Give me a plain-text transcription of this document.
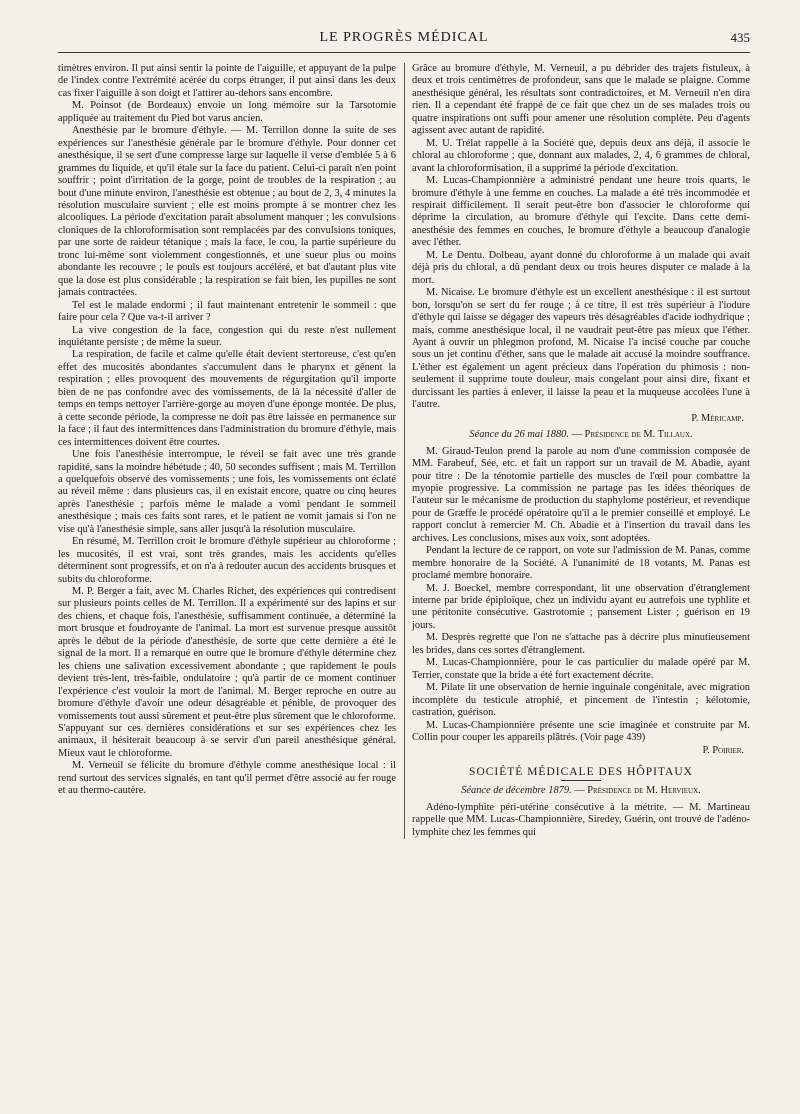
LE PROGRÈS MÉDICAL	435

timètres environ. Il put ainsi sentir la pointe de l'aiguille, et appuyant de la pulpe de l'index contre l'extrémité acérée du corps étranger, il put ainsi dans les deux cas fixer l'aiguille à son doigt et l'attirer au-dehors sans encombre.

M. Poinsot (de Bordeaux) envoie un long mémoire sur la Tarsotomie appliquée au traitement du Pied bot varus ancien.

Anesthésie par le bromure d'éthyle. — M. Terrillon donne la suite de ses expériences sur l'anesthésie générale par le bromure d'éthyle. Pour donner cet anesthésique, il se sert d'une compresse large sur laquelle il verse d'emblée 5 à 6 grammes du liquide, et qu'il étale sur la face du patient. Celui-ci paraît n'en point souffrir ; point d'irritation de la gorge, point de troubles de la respiration ; au bout d'une minute environ, l'anesthésie est obtenue ; au bout de 2, 3, 4 minutes la résolution musculaire survient ; elle est moins prompte à se montrer chez les alcooliques. La période d'excitation paraît absolument manquer ; les convulsions cloniques de la chloroformisation sont remplacées par des convulsions toniques, par une sorte de raideur tétanique ; mais la face, le cou, la partie supérieure du tronc lui-même sont violemment congestionnés, et une sueur plus ou moins abondante les recouvre ; le pouls est toujours accéléré, et bat d'autant plus vite que la dose est plus considérable ; la respiration se fait bien, les pupilles ne sont jamais contractées.

Tel est le malade endormi ; il faut maintenant entretenir le sommeil : que faire pour cela ? Que va-t-il arriver ?

La vive congestion de la face, congestion qui du reste n'est nullement inquiétante persiste ; de même la sueur.

La respiration, de facile et calme qu'elle était devient stertoreuse, c'est qu'en effet des mucosités abondantes s'accumulent dans le pharynx et gênent la respiration ; elles provoquent des mouvements de régurgitation qu'il importe bien de ne pas confondre avec des vomissements, de là la nécessité d'aller de temps en temps nettoyer l'arrière-gorge au moyen d'une éponge montée. De plus, à cette seconde période, la compresse ne doit pas être laissée en permanence sur la face ; il faut des intermittences dans l'administration du bromure d'éthyle, mais ces intermittences doivent être courtes.

Une fois l'anesthésie interrompue, le réveil se fait avec une très grande rapidité, sans la moindre hébétude ; 40, 50 secondes suffisent ; mais M. Terrillon a quelquefois observé des vomissements ; une fois, les vomissements ont éclaté au réveil même : dans plusieurs cas, il en existait encore, quatre ou cinq heures après l'anesthésie ; parfois même le malade a vomi pendant le sommeil anesthésique ; mais ces faits sont rares, et le patient ne vomit jamais si l'on ne vise qu'à l'anesthésie simple, sans aller jusqu'à la résolution musculaire.

En résumé, M. Terrillon croit le bromure d'éthyle supérieur au chloroforme ; les mucosités, il est vrai, sont très grandes, mais les accidents qu'elles déterminent sont progressifs, et on n'a à redouter aucun des accidents brusques et subits du chloroforme.

M. P. Berger a fait, avec M. Charles Richet, des expériences qui contredisent sur plusieurs points celles de M. Terrillon. Il a expérimenté sur des lapins et sur des chiens, et chaque fois, l'anesthésie, suffisamment continuée, a déterminé la mort brusque et foudroyante de l'animal. La mort est survenue presque aussitôt après le début de la période d'anesthésie, de sorte que cette dernière a été le signal de la mort. Il a remarqué en outre que le bromure d'éthyle détermine chez les chiens une salivation excessivement abondante ; que rapidement le pouls devient très-lent, très-faible, ondulatoire ; qu'à partir de ce moment continuer l'expérience c'est vouloir la mort de l'animal. M. Berger reproche en outre au bromure d'éthyle d'avoir une odeur désagréable et pénible, de provoquer des vomissements tout aussi sûrement et peut-être plus sûrement que le chloroforme. S'appuyant sur ces dernières considérations et sur ses expériences chez les animaux, il hésiterait beaucoup à se servir d'un pareil anesthésique général. Mieux vaut le chloroforme.

M. Verneuil se félicite du bromure d'éthyle comme anesthésique local : il rend surtout des services signalés, en tant qu'il permet d'être associé au fer rouge et au thermo-cautère.

Grâce au bromure d'éthyle, M. Verneuil, a pu débrider des trajets fistuleux, à deux et trois centimètres de profondeur, sans que le malade se plaigne. Comme anesthésique général, les résultats sont contradictoires, et M. Verneuil n'en dira rien. Il a cependant été frappé de ce fait que chez un de ses malades trois ou quatre inspirations ont suffi pour amener une résolution complète. Peu d'agents agissent avec autant de rapidité.

M. U. Trélat rappelle à la Société que, depuis deux ans déjà, il associe le chloral au chloroforme ; que, donnant aux malades, 2, 4, 6 grammes de chloral, avant la chloroformisation, il a supprimé la période d'excitation.

M. Lucas-Championnière a administré pendant une heure trois quarts, le bromure d'éthyle à une femme en couches. La malade a été très incommodée et respirait difficilement. Il serait peut-être bon d'associer le chloroforme qui déprime la circulation, au bromure d'éthyle qui l'excite. Dans cette demi-anesthésie des femmes en couches, le bromure d'éthyle a beaucoup d'analogie avec l'éther.

M. Le Dentu. Dolbeau, ayant donné du chloroforme à un malade qui avait déjà pris du chloral, a dû pendant deux ou trois heures disputer ce malade à la mort.

M. Nicaise. Le bromure d'éthyle est un excellent anesthésique : il est surtout bon, lorsqu'on se sert du fer rouge ; à ce titre, il est très supérieur à l'iodure d'éthyle qui laisse se dégager des vapeurs très désagréables d'acide iodhydrique ; mais, comme anesthésique local, il ne vaudrait peut-être pas mieux que l'éther. Ayant à ouvrir un phlegmon profond, M. Nicaise l'a incisé couche par couche sous un jet continu d'éther, sans que le malade ait accusé la moindre souffrance. L'éther est également un agent précieux dans l'opération du phimosis : non-seulement il supprime toute douleur, mais congelant pour ainsi dire, fixant et durcissant les parties à enlever, il laisse la peau et la muqueuse accolées l'une à l'autre.

P. Méricamp.
Séance du 26 mai 1880. — Présidence de M. Tillaux.

M. Giraud-Teulon prend la parole au nom d'une commission composée de MM. Farabeuf, Sée, etc. et fait un rapport sur un travail de M. Abadie, ayant pour titre : De la ténotomie partielle des muscles de l'œil pour combattre la myopie progressive. La commission ne partage pas les idées théoriques de l'auteur sur le mécanisme de production du staphylome postérieur, et revendique pour de Græffe le procédé opératoire qu'il a le premier conseillé et employé. Le rapport conclut à remercier M. Ch. Abadie et à l'insertion du travail dans les archives. Les conclusions, mises aux voix, sont adoptées.

Pendant la lecture de ce rapport, on vote sur l'admission de M. Panas, comme membre honoraire de la Société. A l'unanimité de 18 votants, M. Panas est proclamé membre honoraire.

M. J. Boeckel, membre correspondant, lit une observation d'étranglement interne par bride épiploïque, chez un individu ayant eu autrefois une typhlite et une péritonite consécutive. Gastrotomie ; pansement Lister ; guérison en 19 jours.

M. Desprès regrette que l'on ne s'attache pas à décrire plus minutieusement les brides, dans ces sortes d'étranglement.

M. Lucas-Championnière, pour le cas particulier du malade opéré par M. Terrier, constate que la bride a été fort exactement décrite.

M. Pilate lit une observation de hernie inguinale congénitale, avec migration incomplète du testicule atrophié, et pincement de l'intestin ; kélotomie, castration, guérison.

M. Lucas-Championnière présente une scie imaginée et construite par M. Collin pour couper les appareils plâtrés. (Voir page 439)

P. Poirier.
SOCIÉTÉ MÉDICALE DES HÔPITAUX
Séance de décembre 1879. — Présidence de M. Hervieux.

Adéno-lymphite péri-utérine consécutive à la métrite. — M. Martineau rappelle que MM. Lucas-Championnière, Siredey, Guérin, ont trouvé de l'adéno-lymphite chez les femmes qui
